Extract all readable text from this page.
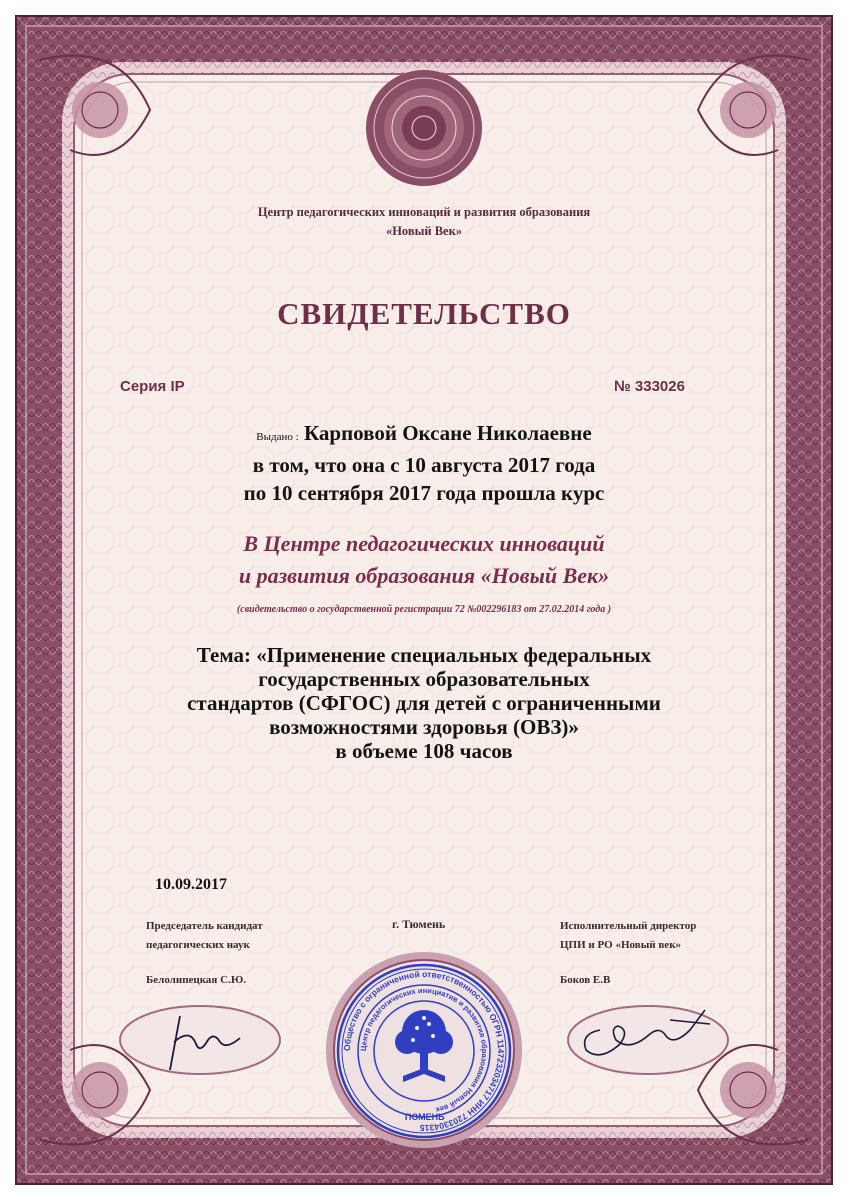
Центр педагогических инноваций и развития образования
«Новый Век»
СВИДЕТЕЛЬСТВО
Серия IP	№ 333026
Выдано : Карповой Оксане Николаевне
в том, что она с 10 августа 2017 года
по 10 сентября 2017 года прошла курс
В Центре педагогических инноваций
и развития образования «Новый Век»
(свидетельство о государственной регистрации 72 №002296183 от 27.02.2014 года )
Тема: «Применение специальных федеральных
государственных образовательных
стандартов (СФГОС) для детей с ограниченными
возможностями здоровья (ОВЗ)»
в объеме 108 часов
10.09.2017
г. Тюмень
Председатель кандидат
педагогических наук
Исполнительный директор
ЦПИ и РО «Новый век»
Белолипецкая С.Ю.	Боков Е.В
Общество с ограниченной ответственностью ОГРН 1147232034717 ИНН 7203304315
Центр педагогических инициатив и развития образования Новый век
ТЮМЕНЬ
